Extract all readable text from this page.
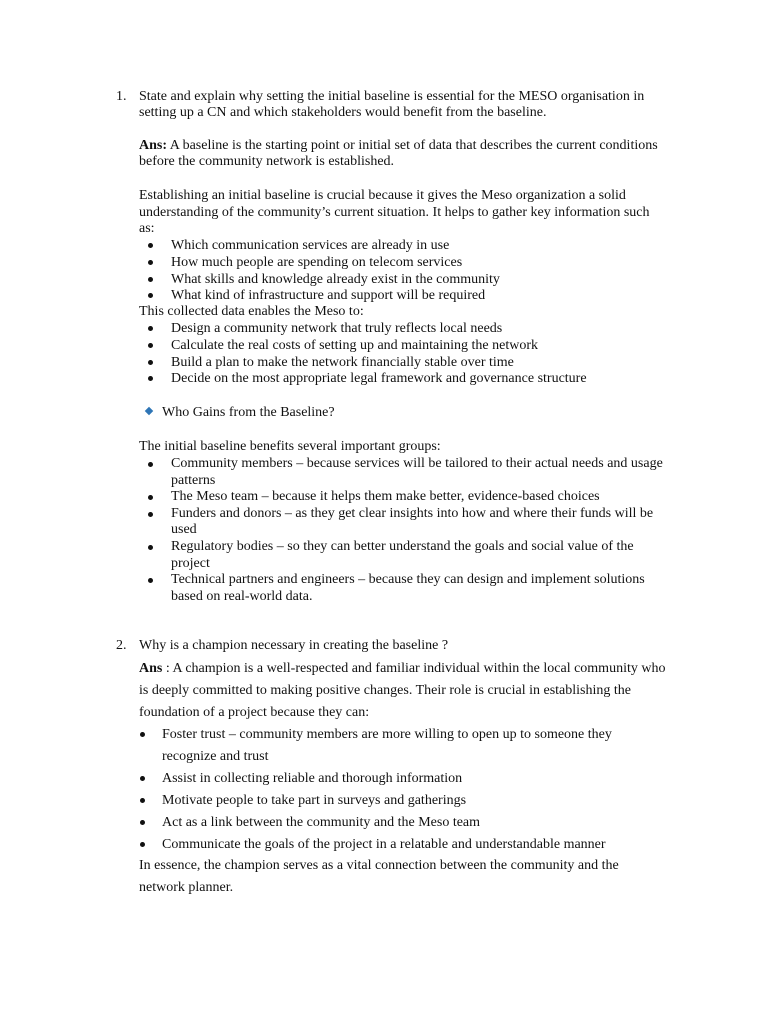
1. State and explain why setting the initial baseline is essential for the MESO organisation in
setting up a CN and which stakeholders would benefit from the baseline.
Ans: A baseline is the starting point or initial set of data that describes the current conditions
before the community network is established.
Establishing an initial baseline is crucial because it gives the Meso organization a solid
understanding of the community’s current situation. It helps to gather key information such
as:
Which communication services are already in use
How much people are spending on telecom services
What skills and knowledge already exist in the community
What kind of infrastructure and support will be required
This collected data enables the Meso to:
Design a community network that truly reflects local needs
Calculate the real costs of setting up and maintaining the network
Build a plan to make the network financially stable over time
Decide on the most appropriate legal framework and governance structure
Who Gains from the Baseline?
The initial baseline benefits several important groups:
Community members – because services will be tailored to their actual needs and usage
patterns
The Meso team – because it helps them make better, evidence-based choices
Funders and donors – as they get clear insights into how and where their funds will be
used
Regulatory bodies – so they can better understand the goals and social value of the
project
Technical partners and engineers – because they can design and implement solutions
based on real-world data.
2. Why is a champion necessary in creating the baseline ?
Ans : A champion is a well-respected and familiar individual within the local community who
is deeply committed to making positive changes. Their role is crucial in establishing the
foundation of a project because they can:
Foster trust – community members are more willing to open up to someone they
recognize and trust
Assist in collecting reliable and thorough information
Motivate people to take part in surveys and gatherings
Act as a link between the community and the Meso team
Communicate the goals of the project in a relatable and understandable manner
In essence, the champion serves as a vital connection between the community and the
network planner.
